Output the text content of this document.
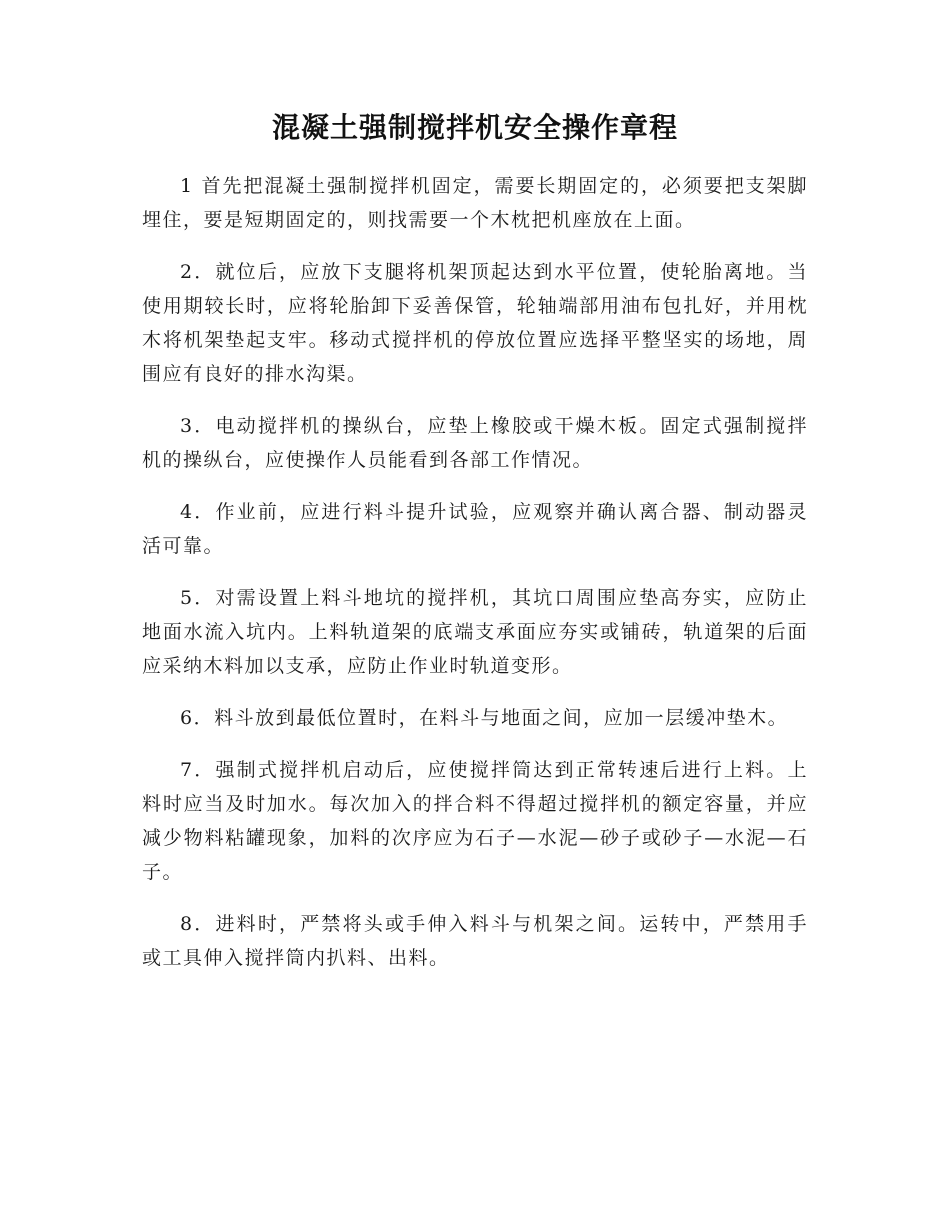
混凝土强制搅拌机安全操作章程

1 首先把混凝土强制搅拌机固定，需要长期固定的，必须要把支架脚埋住，要是短期固定的，则找需要一个木枕把机座放在上面。

2．就位后，应放下支腿将机架顶起达到水平位置，使轮胎离地。当使用期较长时，应将轮胎卸下妥善保管，轮轴端部用油布包扎好，并用枕木将机架垫起支牢。移动式搅拌机的停放位置应选择平整坚实的场地，周围应有良好的排水沟渠。

3．电动搅拌机的操纵台，应垫上橡胶或干燥木板。固定式强制搅拌机的操纵台，应使操作人员能看到各部工作情况。

4．作业前，应进行料斗提升试验，应观察并确认离合器、制动器灵活可靠。

5．对需设置上料斗地坑的搅拌机，其坑口周围应垫高夯实，应防止地面水流入坑内。上料轨道架的底端支承面应夯实或铺砖，轨道架的后面应采纳木料加以支承，应防止作业时轨道变形。

6．料斗放到最低位置时，在料斗与地面之间，应加一层缓冲垫木。

7．强制式搅拌机启动后，应使搅拌筒达到正常转速后进行上料。上料时应当及时加水。每次加入的拌合料不得超过搅拌机的额定容量，并应减少物料粘罐现象，加料的次序应为石子—水泥—砂子或砂子—水泥—石子。

8．进料时，严禁将头或手伸入料斗与机架之间。运转中，严禁用手或工具伸入搅拌筒内扒料、出料。
